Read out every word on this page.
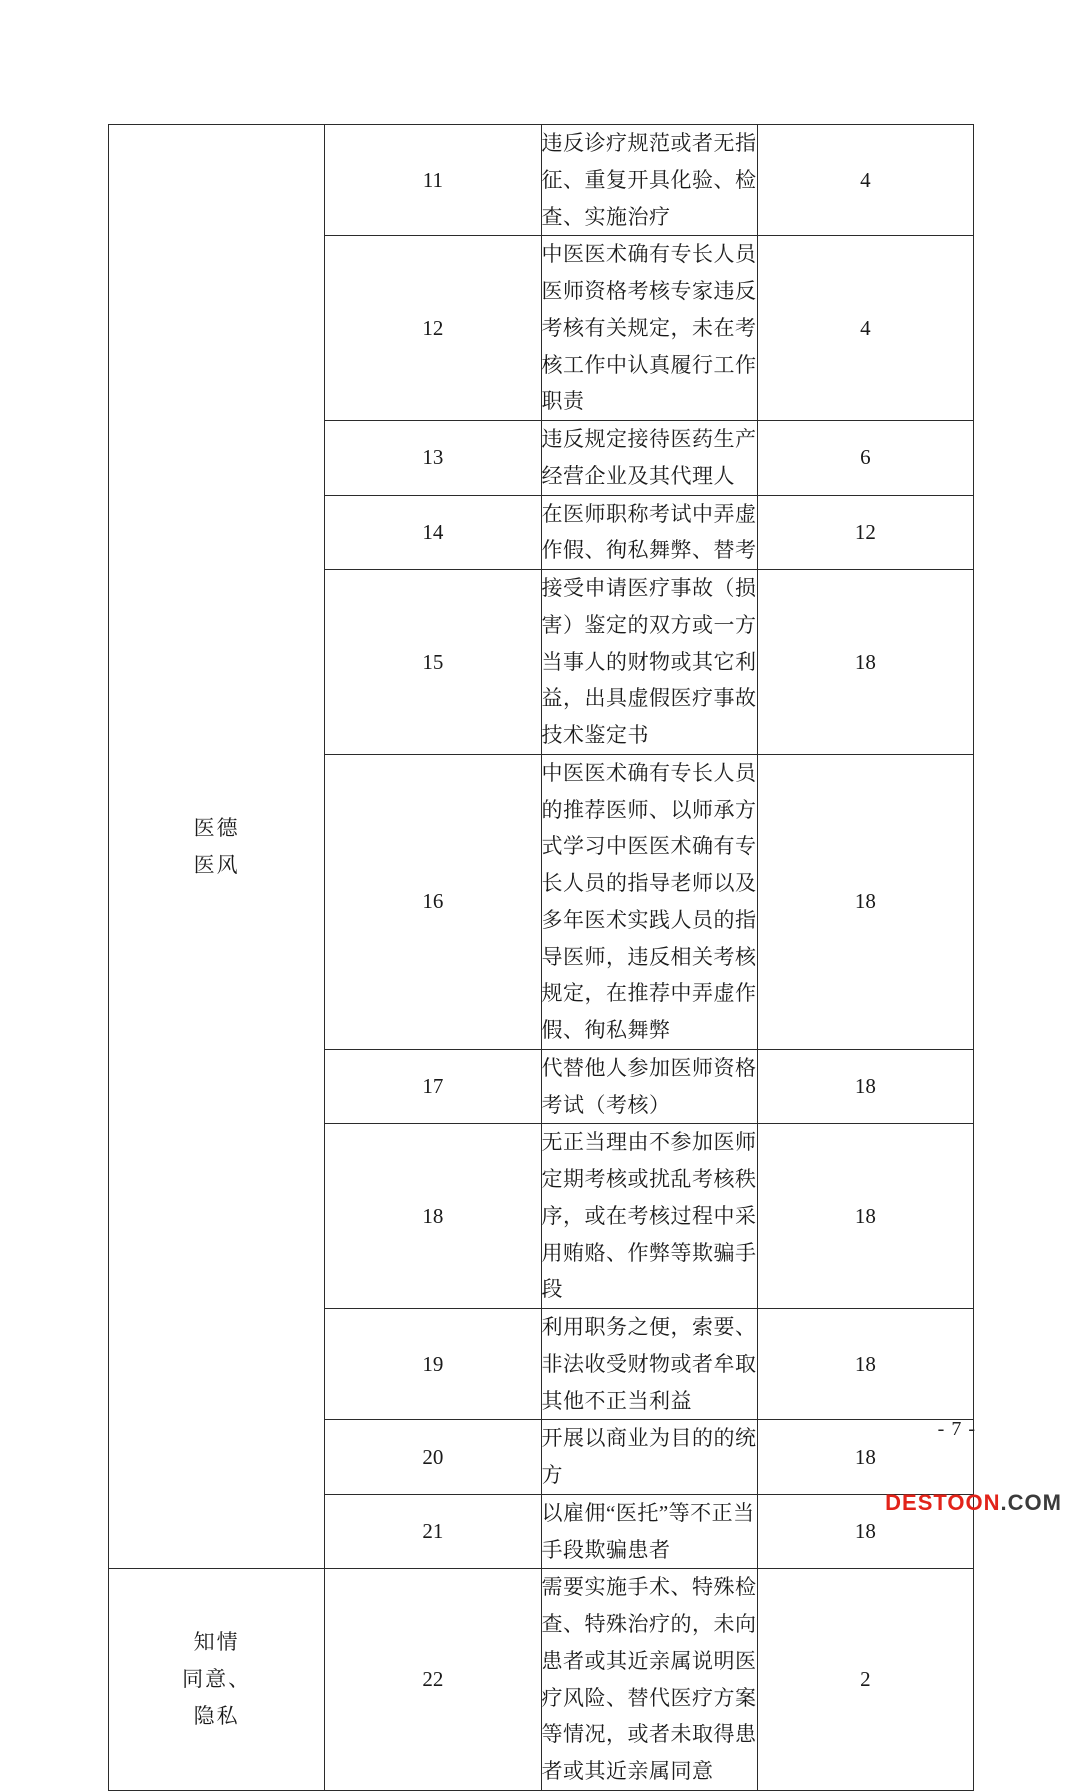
医德
医风	11	违反诊疗规范或者无指征、重复开具化验、检查、实施治疗	4
	12	中医医术确有专长人员医师资格考核专家违反考核有关规定，未在考核工作中认真履行工作职责	4
	13	违反规定接待医药生产经营企业及其代理人	6
	14	在医师职称考试中弄虚作假、徇私舞弊、替考	12
	15	接受申请医疗事故（损害）鉴定的双方或一方当事人的财物或其它利益，出具虚假医疗事故技术鉴定书	18
	16	中医医术确有专长人员的推荐医师、以师承方式学习中医医术确有专长人员的指导老师以及多年医术实践人员的指导医师，违反相关考核规定，在推荐中弄虚作假、徇私舞弊	18
	17	代替他人参加医师资格考试（考核）	18
	18	无正当理由不参加医师定期考核或扰乱考核秩序，或在考核过程中采用贿赂、作弊等欺骗手段	18
	19	利用职务之便，索要、非法收受财物或者牟取其他不正当利益	18
	20	开展以商业为目的的统方	18
	21	以雇佣“医托”等不正当手段欺骗患者	18

知情
同意、
隐私	22	需要实施手术、特殊检查、特殊治疗的，未向患者或其近亲属说明医疗风险、替代医疗方案等情况，或者未取得患者或其近亲属同意	2
- 7 -
DESTOON.COM
